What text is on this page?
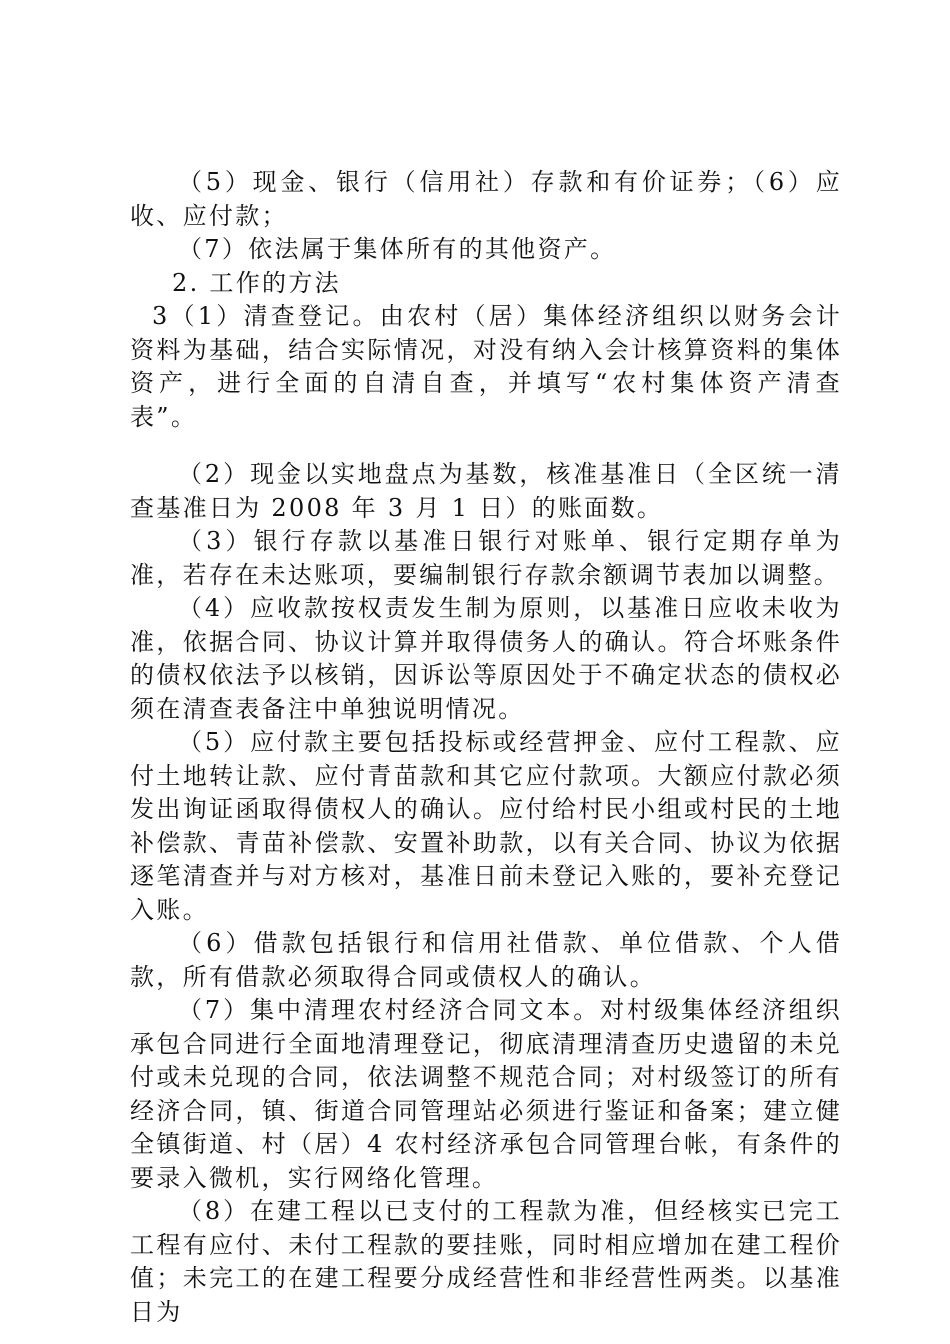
（5）现金、银行（信用社）存款和有价证券；（6）应收、应付款；

（7）依法属于集体所有的其他资产。

2. 工作的方法

3（1）清查登记。由农村（居）集体经济组织以财务会计资料为基础，结合实际情况，对没有纳入会计核算资料的集体资产，进行全面的自清自查，并填写“农村集体资产清查表”。

（2）现金以实地盘点为基数，核准基准日（全区统一清查基准日为 2008 年 3 月 1 日）的账面数。

（3）银行存款以基准日银行对账单、银行定期存单为准，若存在未达账项，要编制银行存款余额调节表加以调整。

（4）应收款按权责发生制为原则，以基准日应收未收为准，依据合同、协议计算并取得债务人的确认。符合坏账条件的债权依法予以核销，因诉讼等原因处于不确定状态的债权必须在清查表备注中单独说明情况。

（5）应付款主要包括投标或经营押金、应付工程款、应付土地转让款、应付青苗款和其它应付款项。大额应付款必须发出询证函取得债权人的确认。应付给村民小组或村民的土地补偿款、青苗补偿款、安置补助款，以有关合同、协议为依据逐笔清查并与对方核对，基准日前未登记入账的，要补充登记入账。

（6）借款包括银行和信用社借款、单位借款、个人借款，所有借款必须取得合同或债权人的确认。

（7）集中清理农村经济合同文本。对村级集体经济组织承包合同进行全面地清理登记，彻底清理清查历史遗留的未兑付或未兑现的合同，依法调整不规范合同；对村级签订的所有经济合同，镇、街道合同管理站必须进行鉴证和备案；建立健全镇街道、村（居）4 农村经济承包合同管理台帐，有条件的要录入微机，实行网络化管理。

（8）在建工程以已支付的工程款为准，但经核实已完工工程有应付、未付工程款的要挂账，同时相应增加在建工程价值；未完工的在建工程要分成经营性和非经营性两类。以基准日为
